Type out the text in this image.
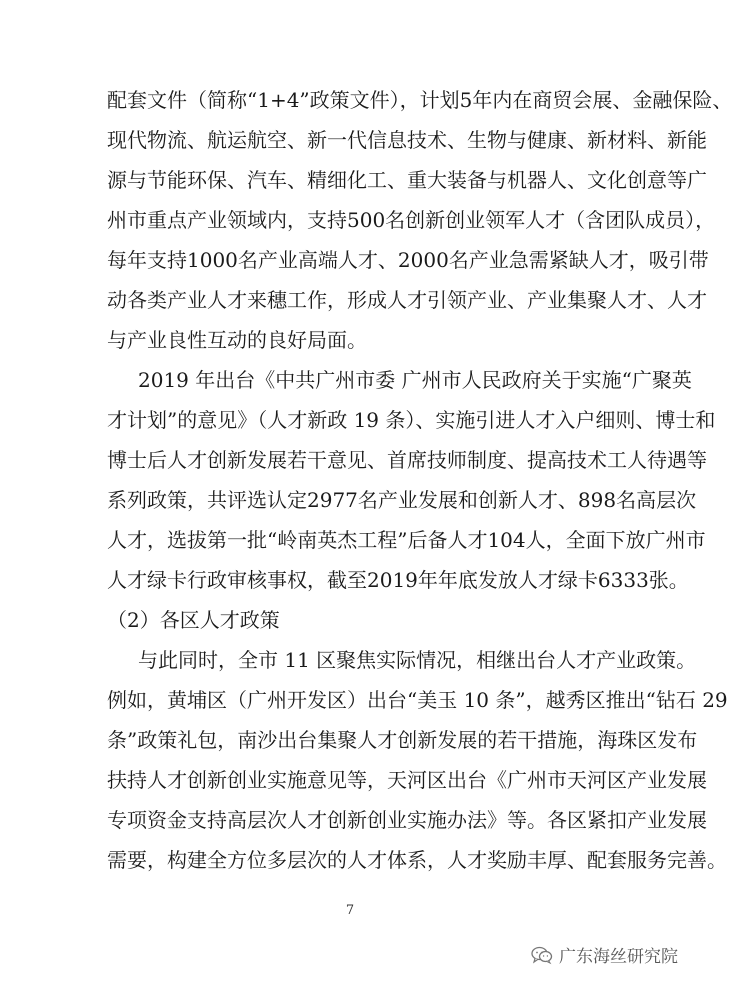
配套文件（简称“1+4”政策文件），计划5年内在商贸会展、金融保险、
现代物流、航运航空、新一代信息技术、生物与健康、新材料、新能
源与节能环保、汽车、精细化工、重大装备与机器人、文化创意等广
州市重点产业领域内，支持500名创新创业领军人才（含团队成员），
每年支持1000名产业高端人才、2000名产业急需紧缺人才，吸引带
动各类产业人才来穗工作，形成人才引领产业、产业集聚人才、人才
与产业良性互动的良好局面。
2019 年出台《中共广州市委 广州市人民政府关于实施“广聚英
才计划”的意见》（人才新政 19 条）、实施引进人才入户细则、博士和
博士后人才创新发展若干意见、首席技师制度、提高技术工人待遇等
系列政策，共评选认定2977名产业发展和创新人才、898名高层次
人才，选拔第一批“岭南英杰工程”后备人才104人，全面下放广州市
人才绿卡行政审核事权，截至2019年年底发放人才绿卡6333张。
（2）各区人才政策
与此同时，全市 11 区聚焦实际情况，相继出台人才产业政策。
例如，黄埔区（广州开发区）出台“美玉 10 条”，越秀区推出“钻石 29
条”政策礼包，南沙出台集聚人才创新发展的若干措施，海珠区发布
扶持人才创新创业实施意见等，天河区出台《广州市天河区产业发展
专项资金支持高层次人才创新创业实施办法》等。各区紧扣产业发展
需要，构建全方位多层次的人才体系，人才奖励丰厚、配套服务完善。
7
广东海丝研究院
